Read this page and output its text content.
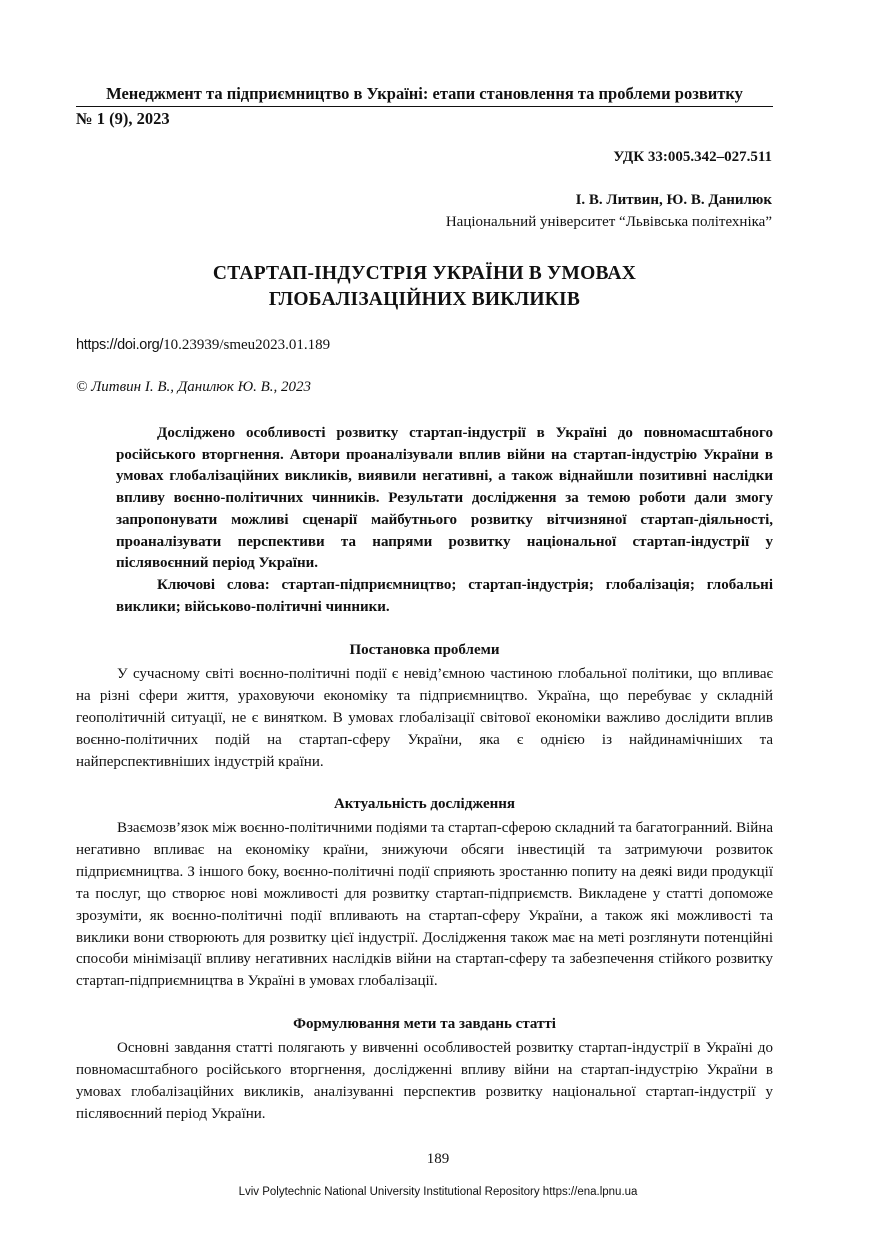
Менеджмент та підприємництво в Україні: етапи становлення та проблеми розвитку
№ 1 (9), 2023
УДК 33:005.342–027.511
І. В. Литвин, Ю. В. Данилюк
Національний університет “Львівська політехніка”
СТАРТАП-ІНДУСТРІЯ УКРАЇНИ В УМОВАХ
ГЛОБАЛІЗАЦІЙНИХ ВИКЛИКІВ
https://doi.org/10.23939/smeu2023.01.189
© Литвин І. В., Данилюк Ю. В., 2023

Досліджено особливості розвитку стартап-індустрії в Україні до повномасштабного російського вторгнення. Автори проаналізували вплив війни на стартап-індустрію України в умовах глобалізаційних викликів, виявили негативні, а також віднайшли позитивні наслідки впливу воєнно-політичних чинників. Результати дослідження за темою роботи дали змогу запропонувати можливі сценарії майбутнього розвитку вітчизняної стартап-діяльності, проаналізувати перспективи та напрями розвитку національної стартап-індустрії у післявоєнний період України.

Ключові слова: стартап-підприємництво; стартап-індустрія; глобалізація; глобальні виклики; військово-політичні чинники.

Постановка проблеми

У сучасному світі воєнно-політичні події є невід’ємною частиною глобальної політики, що впливає на різні сфери життя, ураховуючи економіку та підприємництво. Україна, що перебуває у складній геополітичній ситуації, не є винятком. В умовах глобалізації світової економіки важливо дослідити вплив воєнно-політичних подій на стартап-сферу України, яка є однією із найдинамічніших та найперспективніших індустрій країни.

Актуальність дослідження

Взаємозв’язок між воєнно-політичними подіями та стартап-сферою складний та багатогранний. Війна негативно впливає на економіку країни, знижуючи обсяги інвестицій та затримуючи розвиток підприємництва. З іншого боку, воєнно-політичні події сприяють зростанню попиту на деякі види продукції та послуг, що створює нові можливості для розвитку стартап-підприємств. Викладене у статті допоможе зрозуміти, як воєнно-політичні події впливають на стартап-сферу України, а також які можливості та виклики вони створюють для розвитку цієї індустрії. Дослідження також має на меті розглянути потенційні способи мінімізації впливу негативних наслідків війни на стартап-сферу та забезпечення стійкого розвитку стартап-підприємництва в Україні в умовах глобалізації.

Формулювання мети та завдань статті

Основні завдання статті полягають у вивченні особливостей розвитку стартап-індустрії в Україні до повномасштабного російського вторгнення, дослідженні впливу війни на стартап-індустрію України в умовах глобалізаційних викликів, аналізуванні перспектив розвитку національної стартап-індустрії у післявоєнний період України.

189
Lviv Polytechnic National University Institutional Repository https://ena.lpnu.ua
